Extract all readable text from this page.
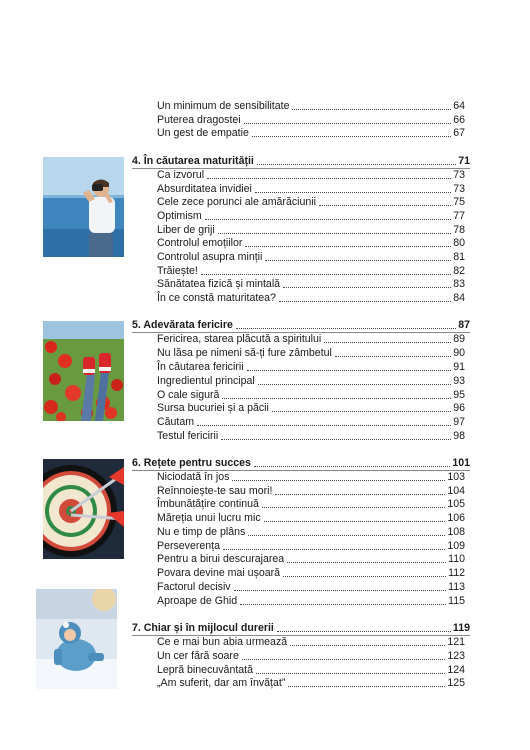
Un minimum de sensibilitate	64
Puterea dragostei	66
Un gest de empatie	67
4. În căutarea maturității	71
Ca izvorul	73
Absurditatea invidiei	73
Cele zece porunci ale amărăciunii	75
Optimism	77
Liber de griji	78
Controlul emoțiilor	80
Controlul asupra minții	81
Trăiește!	82
Sănătatea fizică și mintală	83
În ce constă maturitatea?	84
5. Adevărata fericire	87
Fericirea, starea plăcută a spiritului	89
Nu lăsa pe nimeni să-ți fure zâmbetul	90
În căutarea fericirii	91
Ingredientul principal	93
O cale sigură	95
Sursa bucuriei și a păcii	96
Căutam	97
Testul fericirii	98
6. Rețete pentru succes	101
Niciodată în jos	103
Reînnoiește-te sau mori!	104
Îmbunătățire continuă	105
Măreția unui lucru mic	106
Nu e timp de plâns	108
Perseverența	109
Pentru a birui descurajarea	110
Povara devine mai ușoară	112
Factorul decisiv	113
Aproape de Ghid	115
7. Chiar și în mijlocul durerii	119
Ce e mai bun abia urmează	121
Un cer fără soare	123
Lepră binecuvântată	124
„Am suferit, dar am învățat”	125
